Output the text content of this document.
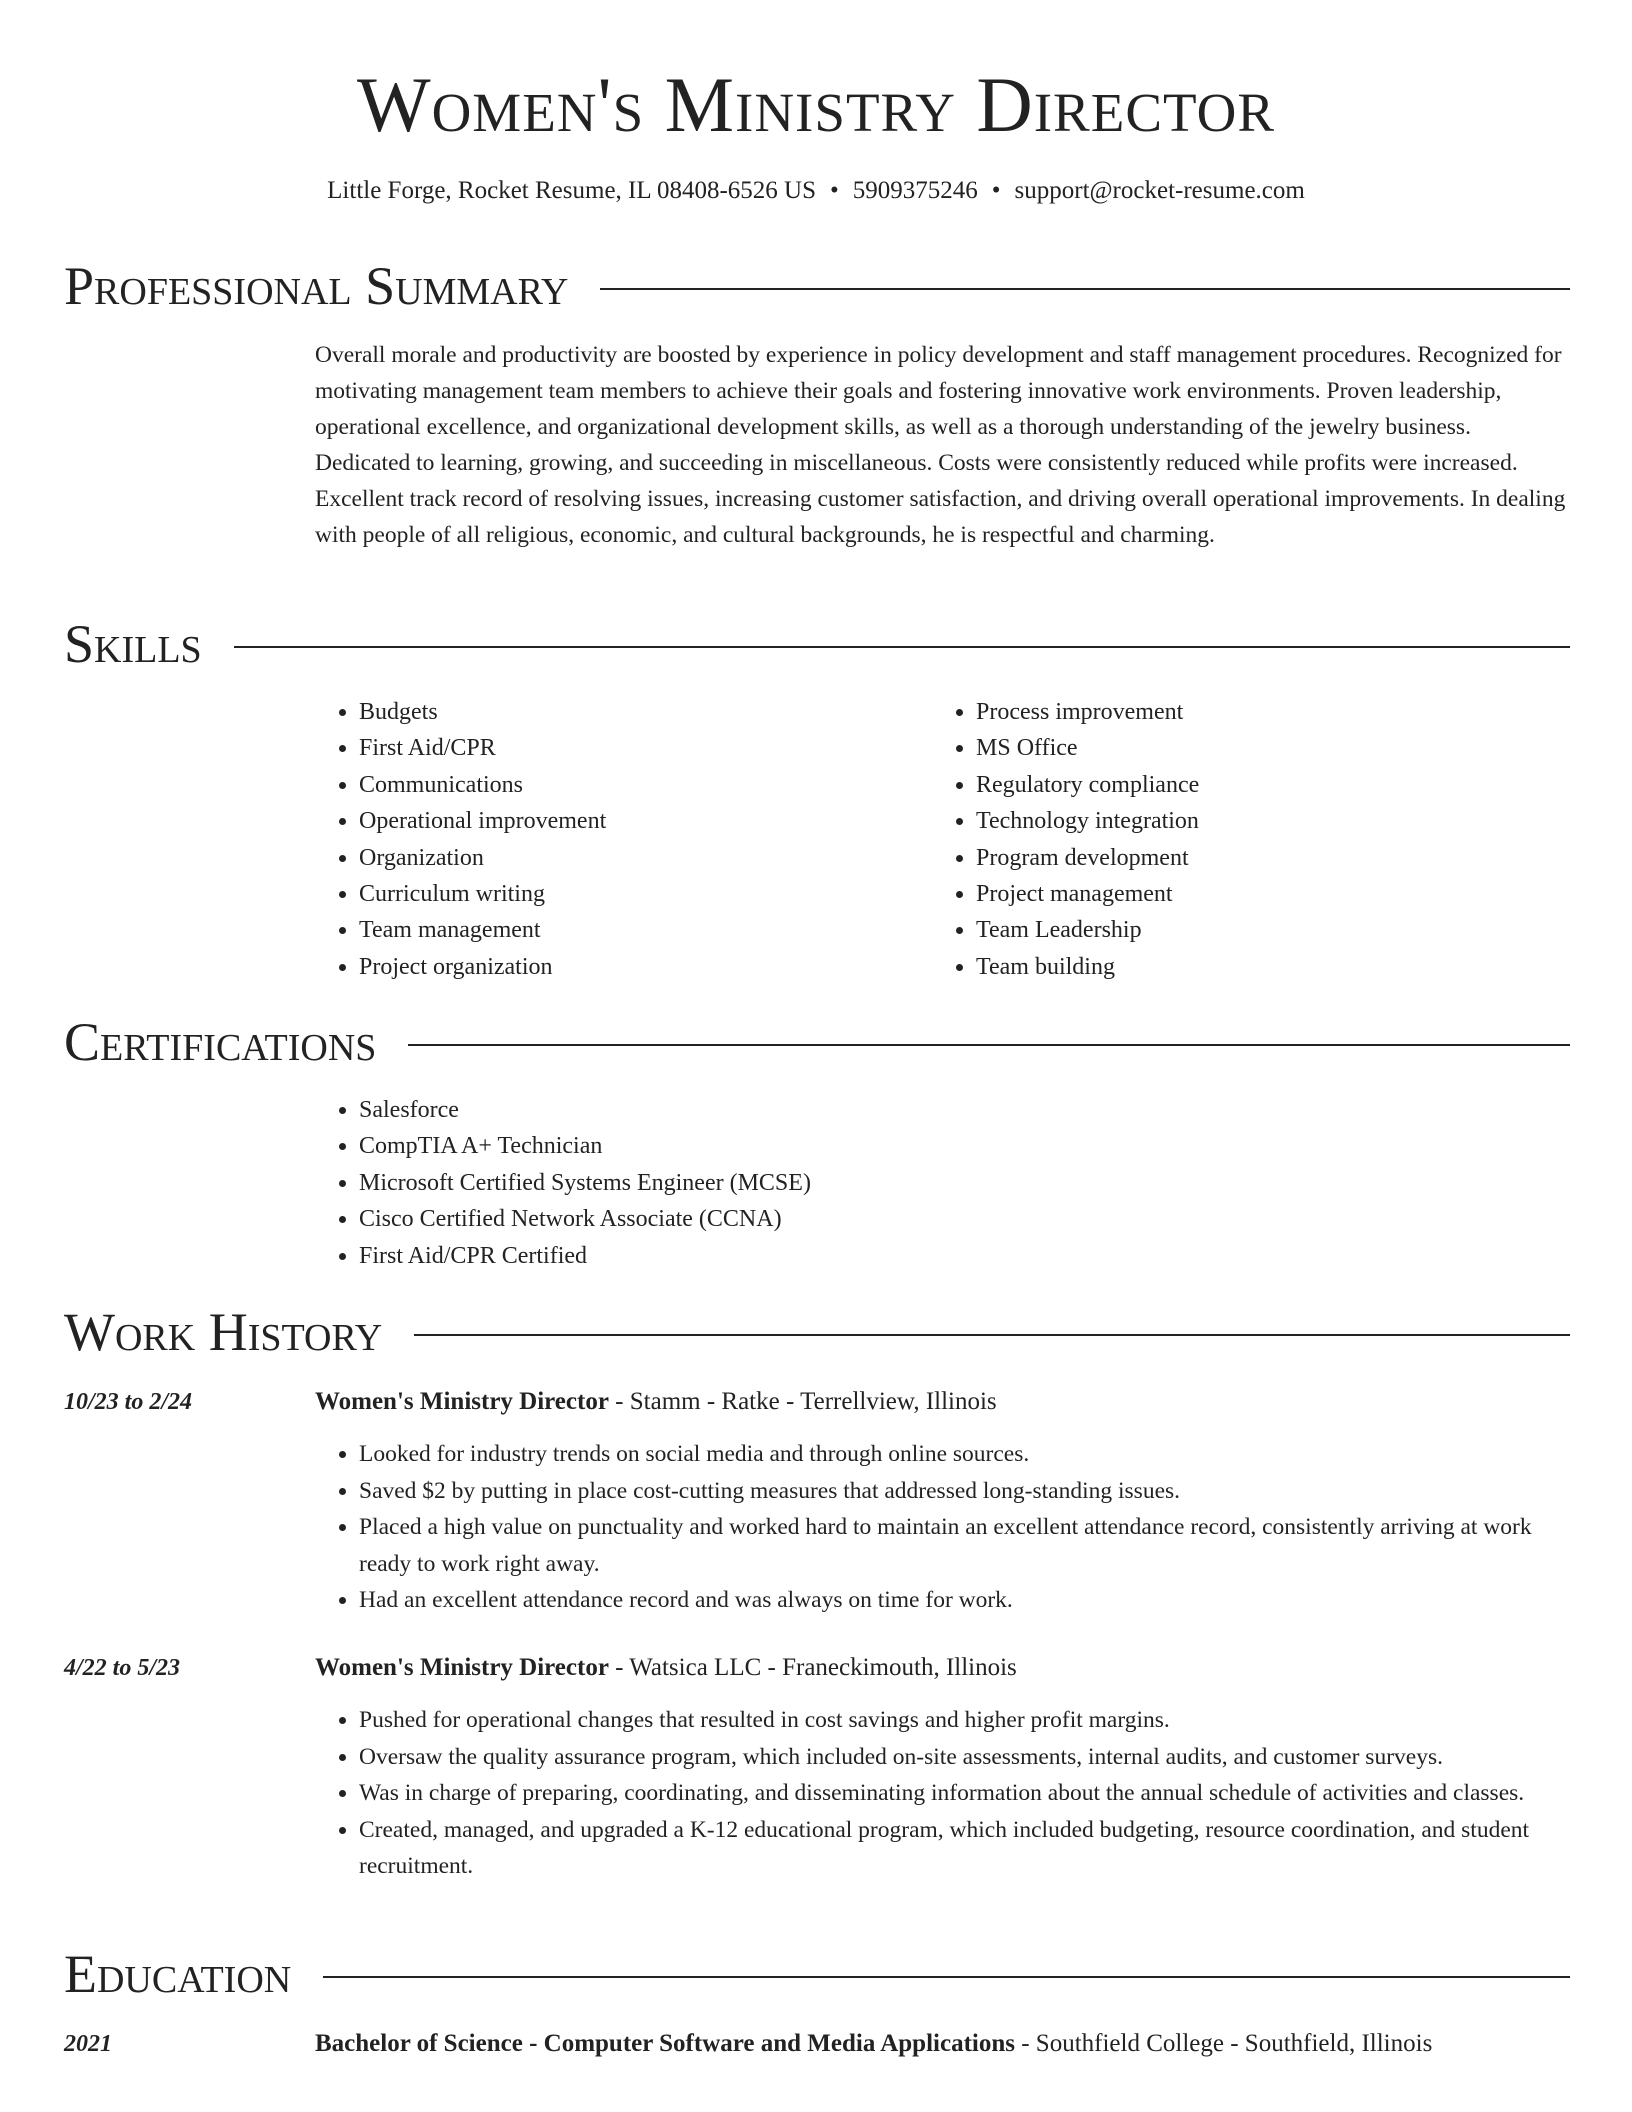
Women's Ministry Director
Little Forge, Rocket Resume, IL 08408-6526 US • 5909375246 • support@rocket-resume.com
Professional Summary

Overall morale and productivity are boosted by experience in policy development and staff management procedures. Recognized for motivating management team members to achieve their goals and fostering innovative work environments. Proven leadership, operational excellence, and organizational development skills, as well as a thorough understanding of the jewelry business. Dedicated to learning, growing, and succeeding in miscellaneous. Costs were consistently reduced while profits were increased. Excellent track record of resolving issues, increasing customer satisfaction, and driving overall operational improvements. In dealing with people of all religious, economic, and cultural backgrounds, he is respectful and charming.

Skills
• Budgets
• First Aid/CPR
• Communications
• Operational improvement
• Organization
• Curriculum writing
• Team management
• Project organization
• Process improvement
• MS Office
• Regulatory compliance
• Technology integration
• Program development
• Project management
• Team Leadership
• Team building
Certifications
• Salesforce
• CompTIA A+ Technician
• Microsoft Certified Systems Engineer (MCSE)
• Cisco Certified Network Associate (CCNA)
• First Aid/CPR Certified
Work History
10/23 to 2/24	Women's Ministry Director - Stamm - Ratke - Terrellview, Illinois
• Looked for industry trends on social media and through online sources.
• Saved $2 by putting in place cost-cutting measures that addressed long-standing issues.
• Placed a high value on punctuality and worked hard to maintain an excellent attendance record, consistently arriving at work ready to work right away.
• Had an excellent attendance record and was always on time for work.
4/22 to 5/23	Women's Ministry Director - Watsica LLC - Franeckimouth, Illinois
• Pushed for operational changes that resulted in cost savings and higher profit margins.
• Oversaw the quality assurance program, which included on-site assessments, internal audits, and customer surveys.
• Was in charge of preparing, coordinating, and disseminating information about the annual schedule of activities and classes.
• Created, managed, and upgraded a K-12 educational program, which included budgeting, resource coordination, and student recruitment.
Education
2021	Bachelor of Science - Computer Software and Media Applications - Southfield College - Southfield, Illinois
